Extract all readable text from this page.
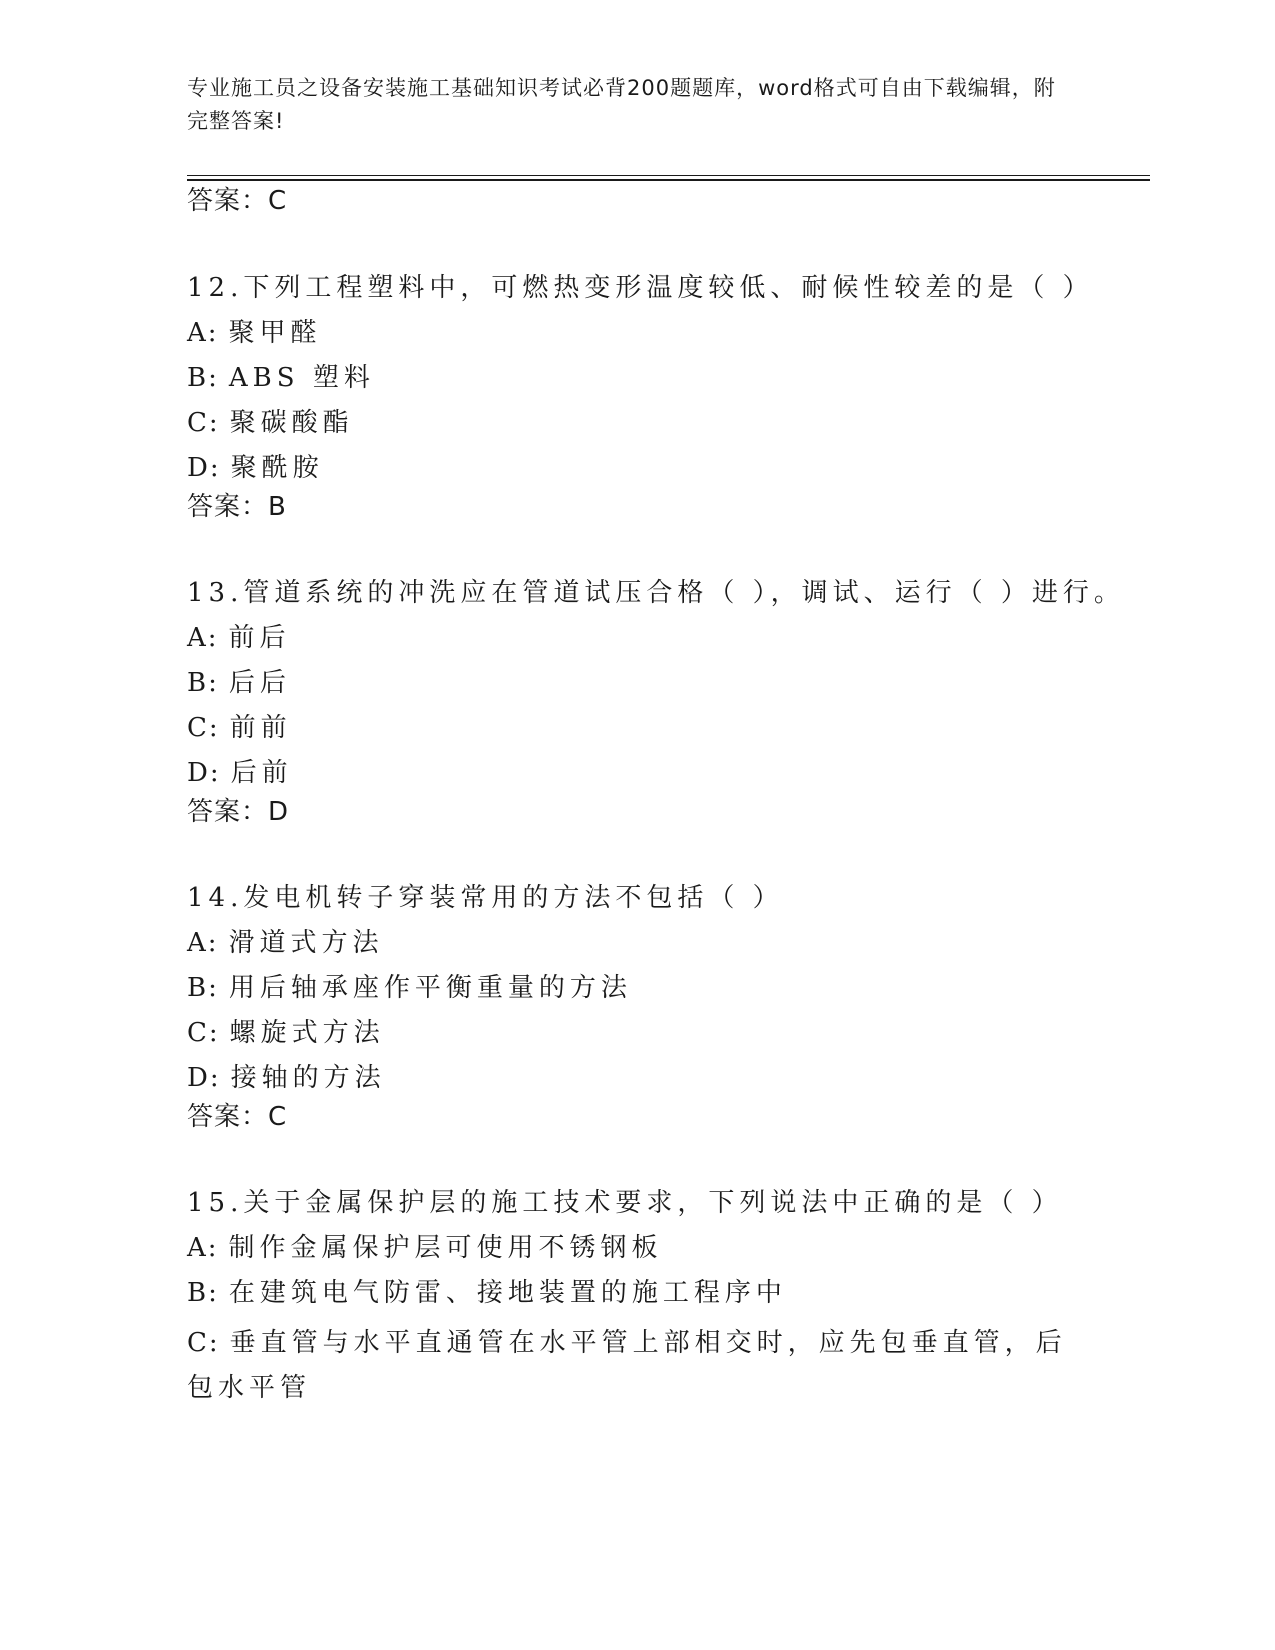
专业施工员之设备安装施工基础知识考试必背200题题库，word格式可自由下载编辑，附完整答案!
答案：C
12.下列工程塑料中，可燃热变形温度较低、耐候性较差的是（ ）
A: 聚甲醛
B: ABS 塑料
C: 聚碳酸酯
D: 聚酰胺
答案：B
13.管道系统的冲洗应在管道试压合格（ ），调试、运行（ ）进行。
A: 前后
B: 后后
C: 前前
D: 后前
答案：D
14.发电机转子穿装常用的方法不包括（ ）
A: 滑道式方法
B: 用后轴承座作平衡重量的方法
C: 螺旋式方法
D: 接轴的方法
答案：C
15.关于金属保护层的施工技术要求，下列说法中正确的是（ ）
A: 制作金属保护层可使用不锈钢板
B: 在建筑电气防雷、接地装置的施工程序中
C: 垂直管与水平直通管在水平管上部相交时，应先包垂直管，后包水平管
